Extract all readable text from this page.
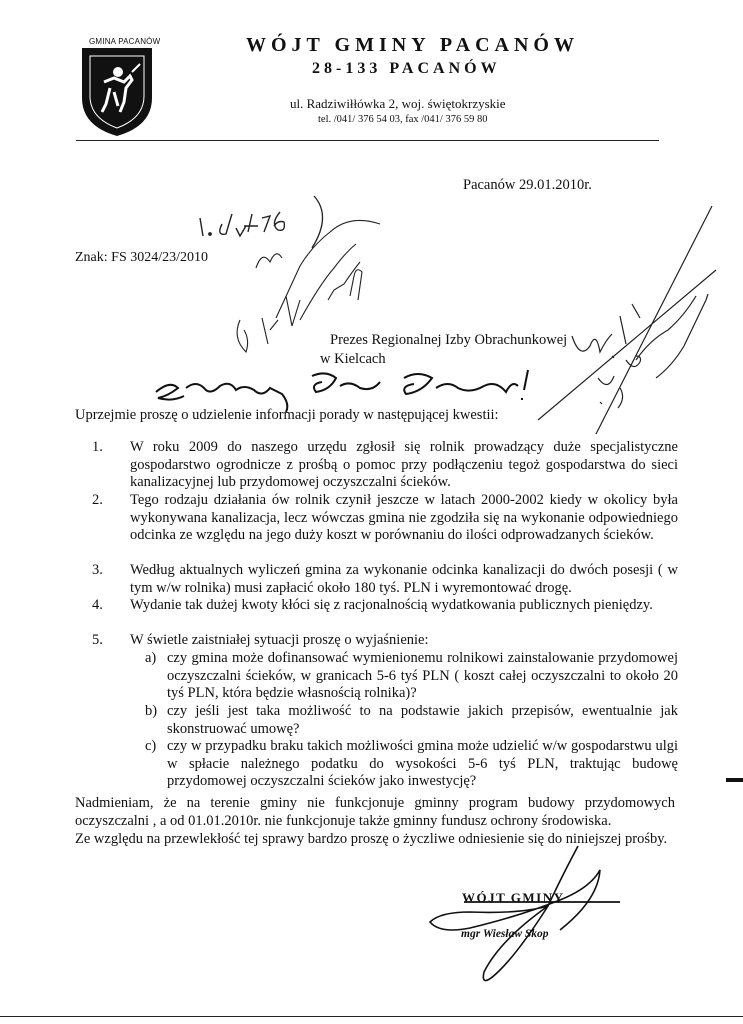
GMINA PACANÓW	WÓJT GMINY PACANÓW
28-133 PACANÓW
ul. Radziwiłłówka 2, woj. świętokrzyskie
tel. /041/ 376 54 03, fax /041/ 376 59 80
Pacanów 29.01.2010r.
Znak: FS 3024/23/2010
Prezes Regionalnej Izby Obrachunkowej
w Kielcach
Uprzejmie proszę o udzielenie informacji porady w następującej kwestii:
1. W roku 2009 do naszego urzędu zgłosił się rolnik prowadzący duże specjalistyczne gospodarstwo ogrodnicze z prośbą o pomoc przy podłączeniu tegoż gospodarstwa do sieci kanalizacyjnej lub przydomowej oczyszczalni ścieków.
2. Tego rodzaju działania ów rolnik czynił jeszcze w latach 2000-2002 kiedy w okolicy była wykonywana kanalizacja, lecz wówczas gmina nie zgodziła się na wykonanie odpowiedniego odcinka ze względu na jego duży koszt w porównaniu do ilości odprowadzanych ścieków.
3. Według aktualnych wyliczeń gmina za wykonanie odcinka kanalizacji do dwóch posesji ( w tym w/w rolnika) musi zapłacić około 180 tyś. PLN i wyremontować drogę.
4. Wydanie tak dużej kwoty kłóci się z racjonalnością wydatkowania publicznych pieniędzy.
5. W świetle zaistniałej sytuacji proszę o wyjaśnienie:
a) czy gmina może dofinansować wymienionemu rolnikowi zainstalowanie przydomowej oczyszczalni ścieków, w granicach 5-6 tyś PLN ( koszt całej oczyszczalni to około 20 tyś PLN, która będzie własnością rolnika)?
b) czy jeśli jest taka możliwość to na podstawie jakich przepisów, ewentualnie jak skonstruować umowę?
c) czy w przypadku braku takich możliwości gmina może udzielić w/w gospodarstwu ulgi w spłacie należnego podatku do wysokości 5-6 tyś PLN, traktując budowę przydomowej oczyszczalni ścieków jako inwestycję?
Nadmieniam, że na terenie gminy nie funkcjonuje gminny program budowy przydomowych oczyszczalni , a od 01.01.2010r. nie funkcjonuje także gminny fundusz ochrony środowiska.
Ze względu na przewlekłość tej sprawy bardzo proszę o życzliwe odniesienie się do niniejszej prośby.
WÓJT GMINY
mgr Wiesław Skop
